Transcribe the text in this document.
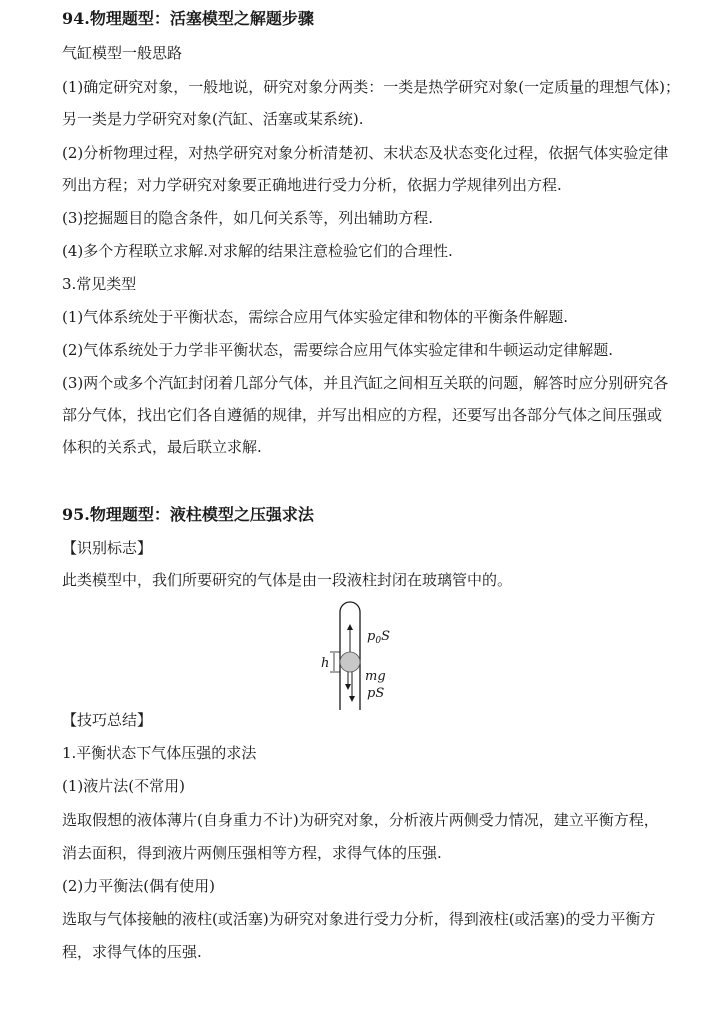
94.物理题型：活塞模型之解题步骤
气缸模型一般思路
(1)确定研究对象，一般地说，研究对象分两类：一类是热学研究对象(一定质量的理想气体)；
另一类是力学研究对象(汽缸、活塞或某系统).
(2)分析物理过程，对热学研究对象分析清楚初、末状态及状态变化过程，依据气体实验定律
列出方程；对力学研究对象要正确地进行受力分析，依据力学规律列出方程.
(3)挖掘题目的隐含条件，如几何关系等，列出辅助方程.
(4)多个方程联立求解.对求解的结果注意检验它们的合理性.
3.常见类型
(1)气体系统处于平衡状态，需综合应用气体实验定律和物体的平衡条件解题.
(2)气体系统处于力学非平衡状态，需要综合应用气体实验定律和牛顿运动定律解题.
(3)两个或多个汽缸封闭着几部分气体，并且汽缸之间相互关联的问题，解答时应分别研究各
部分气体，找出它们各自遵循的规律，并写出相应的方程，还要写出各部分气体之间压强或
体积的关系式，最后联立求解.
95.物理题型：液柱模型之压强求法
【识别标志】
此类模型中，我们所要研究的气体是由一段液柱封闭在玻璃管中的。
h
$p_0S$
mg
pS
【技巧总结】
1.平衡状态下气体压强的求法
(1)液片法(不常用)
选取假想的液体薄片(自身重力不计)为研究对象，分析液片两侧受力情况，建立平衡方程，
消去面积，得到液片两侧压强相等方程，求得气体的压强.
(2)力平衡法(偶有使用)
选取与气体接触的液柱(或活塞)为研究对象进行受力分析，得到液柱(或活塞)的受力平衡方
程，求得气体的压强.
